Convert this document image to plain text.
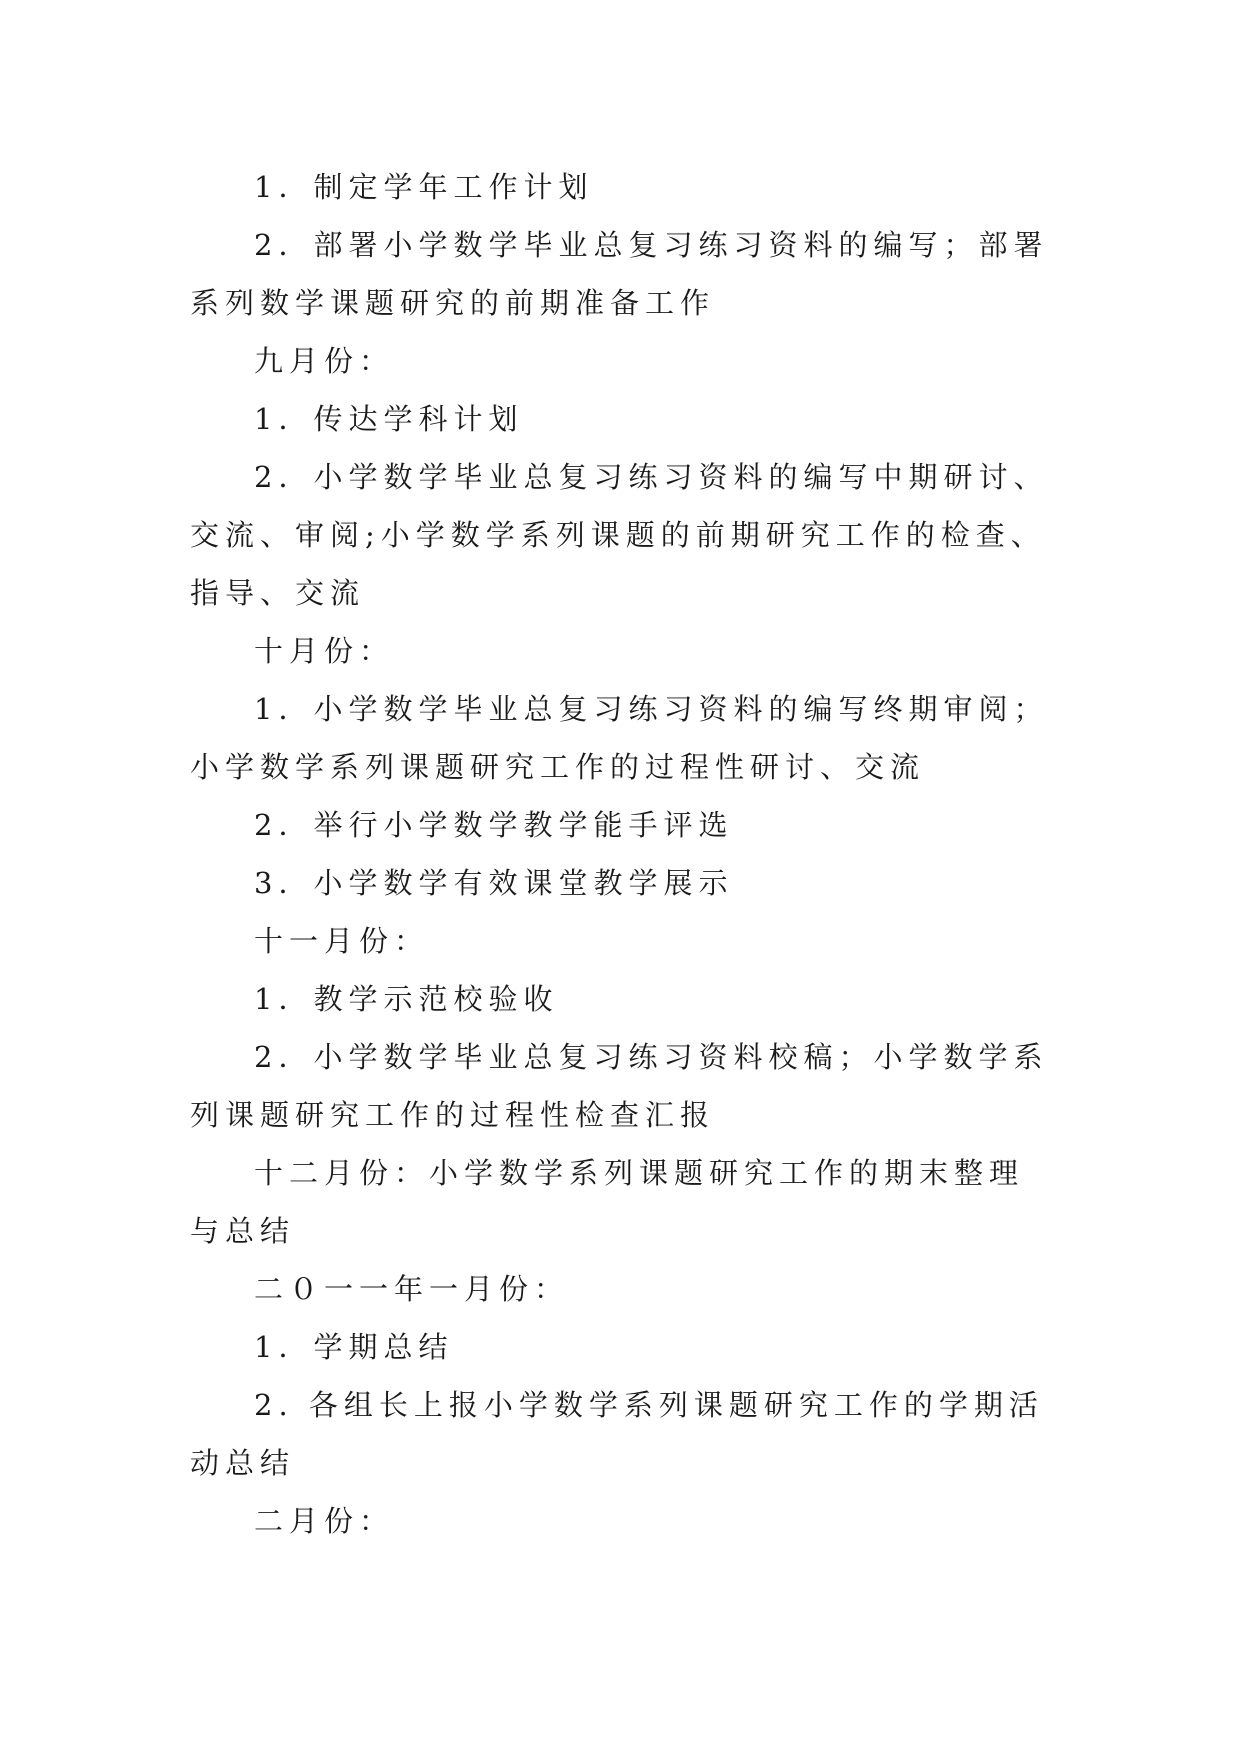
1．制定学年工作计划

2．部署小学数学毕业总复习练习资料的编写；部署系列数学课题研究的前期准备工作

九月份：

1．传达学科计划

2．小学数学毕业总复习练习资料的编写中期研讨、交流、审阅;小学数学系列课题的前期研究工作的检查、指导、交流

十月份：

1．小学数学毕业总复习练习资料的编写终期审阅；小学数学系列课题研究工作的过程性研讨、交流

2．举行小学数学教学能手评选

3．小学数学有效课堂教学展示

十一月份：

1．教学示范校验收

2．小学数学毕业总复习练习资料校稿；小学数学系列课题研究工作的过程性检查汇报

十二月份：小学数学系列课题研究工作的期末整理与总结

二０一一年一月份：

1．学期总结

2. 各组长上报小学数学系列课题研究工作的学期活动总结

二月份：
